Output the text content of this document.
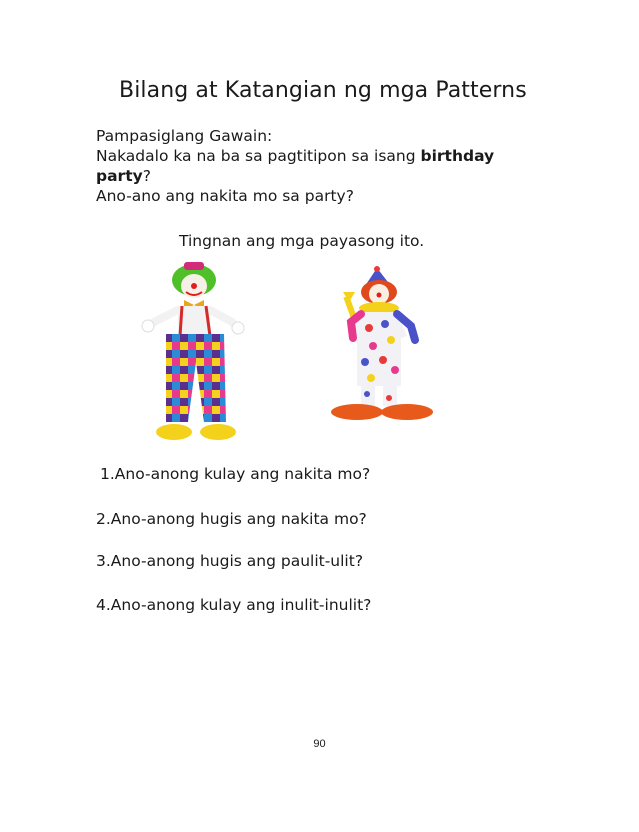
Bilang at Katangian ng mga Patterns
Pampasiglang Gawain:
Nakadalo ka na ba sa pagtitipon sa isang birthday
party?
Ano-ano ang nakita mo sa party?
Tingnan ang mga payasong ito.
1.Ano-anong kulay ang nakita mo?
2.Ano-anong hugis ang nakita mo?
3.Ano-anong hugis ang paulit-ulit?
4.Ano-anong kulay ang inulit-inulit?
90
